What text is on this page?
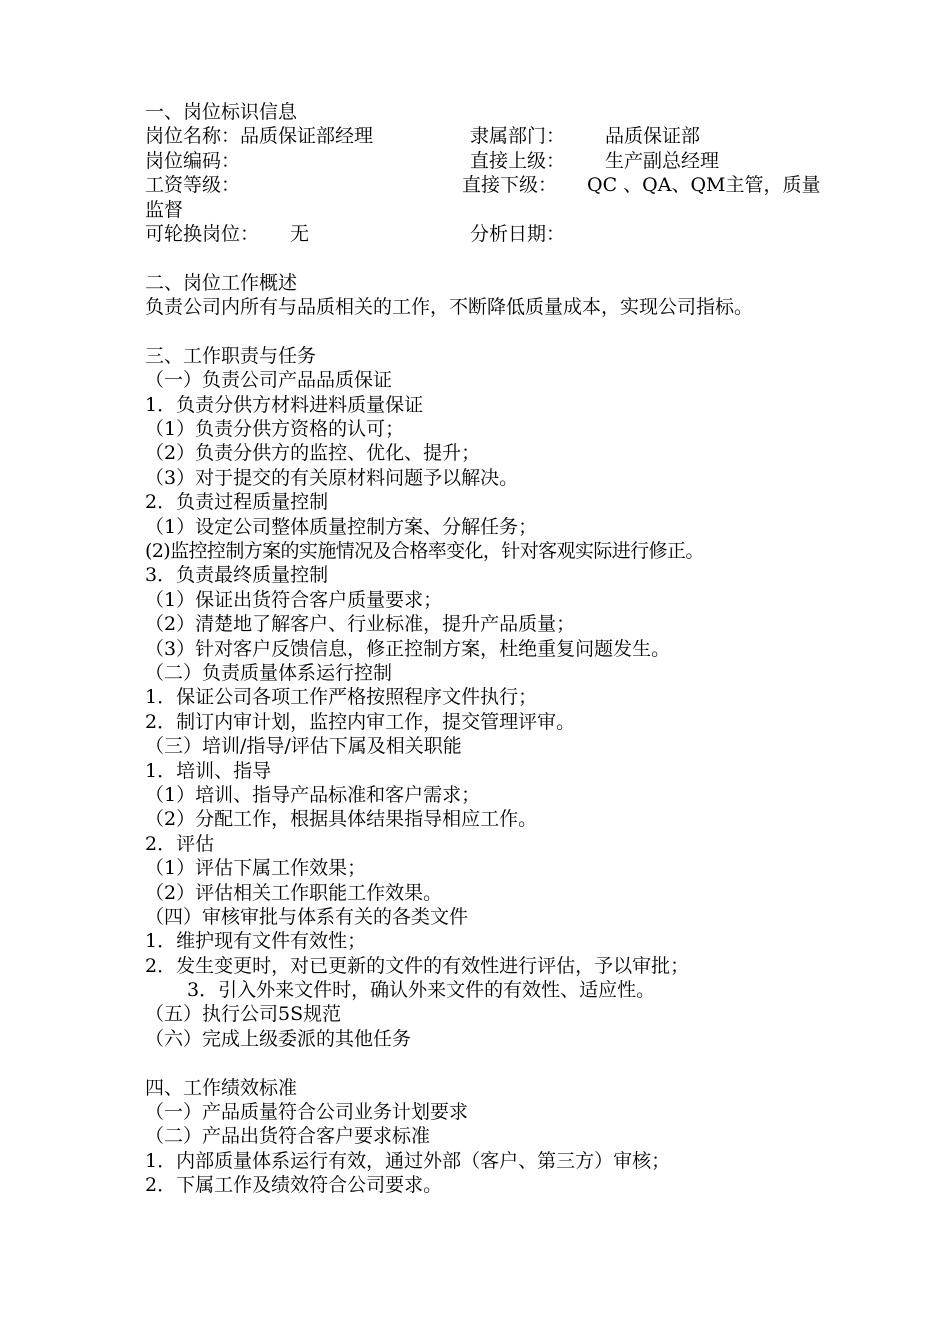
一、岗位标识信息
岗位名称：品质保证部经理	隶属部门： 品质保证部
岗位编码：	直接上级： 生产副总经理
工资等级：	直接下级： QC 、QA、QM主管，质量
监督
可轮换岗位： 无	分析日期：
二、岗位工作概述
负责公司内所有与品质相关的工作，不断降低质量成本，实现公司指标。
三、工作职责与任务
（一）负责公司产品品质保证
1．负责分供方材料进料质量保证
（1）负责分供方资格的认可；
（2）负责分供方的监控、优化、提升；
（3）对于提交的有关原材料问题予以解决。
2．负责过程质量控制
（1）设定公司整体质量控制方案、分解任务；
(2)监控控制方案的实施情况及合格率变化，针对客观实际进行修正。
3．负责最终质量控制
（1）保证出货符合客户质量要求；
（2）清楚地了解客户、行业标准，提升产品质量；
（3）针对客户反馈信息，修正控制方案，杜绝重复问题发生。
（二）负责质量体系运行控制
1．保证公司各项工作严格按照程序文件执行；
2．制订内审计划，监控内审工作，提交管理评审。
（三）培训/指导/评估下属及相关职能
1．培训、指导
（1）培训、指导产品标准和客户需求；
（2）分配工作，根据具体结果指导相应工作。
2．评估
（1）评估下属工作效果；
（2）评估相关工作职能工作效果。
（四）审核审批与体系有关的各类文件
1．维护现有文件有效性；
2．发生变更时，对已更新的文件的有效性进行评估，予以审批；
3．引入外来文件时，确认外来文件的有效性、适应性。
（五）执行公司5S规范
（六）完成上级委派的其他任务
四、工作绩效标准
（一）产品质量符合公司业务计划要求
（二）产品出货符合客户要求标准
1．内部质量体系运行有效，通过外部（客户、第三方）审核；
2．下属工作及绩效符合公司要求。
